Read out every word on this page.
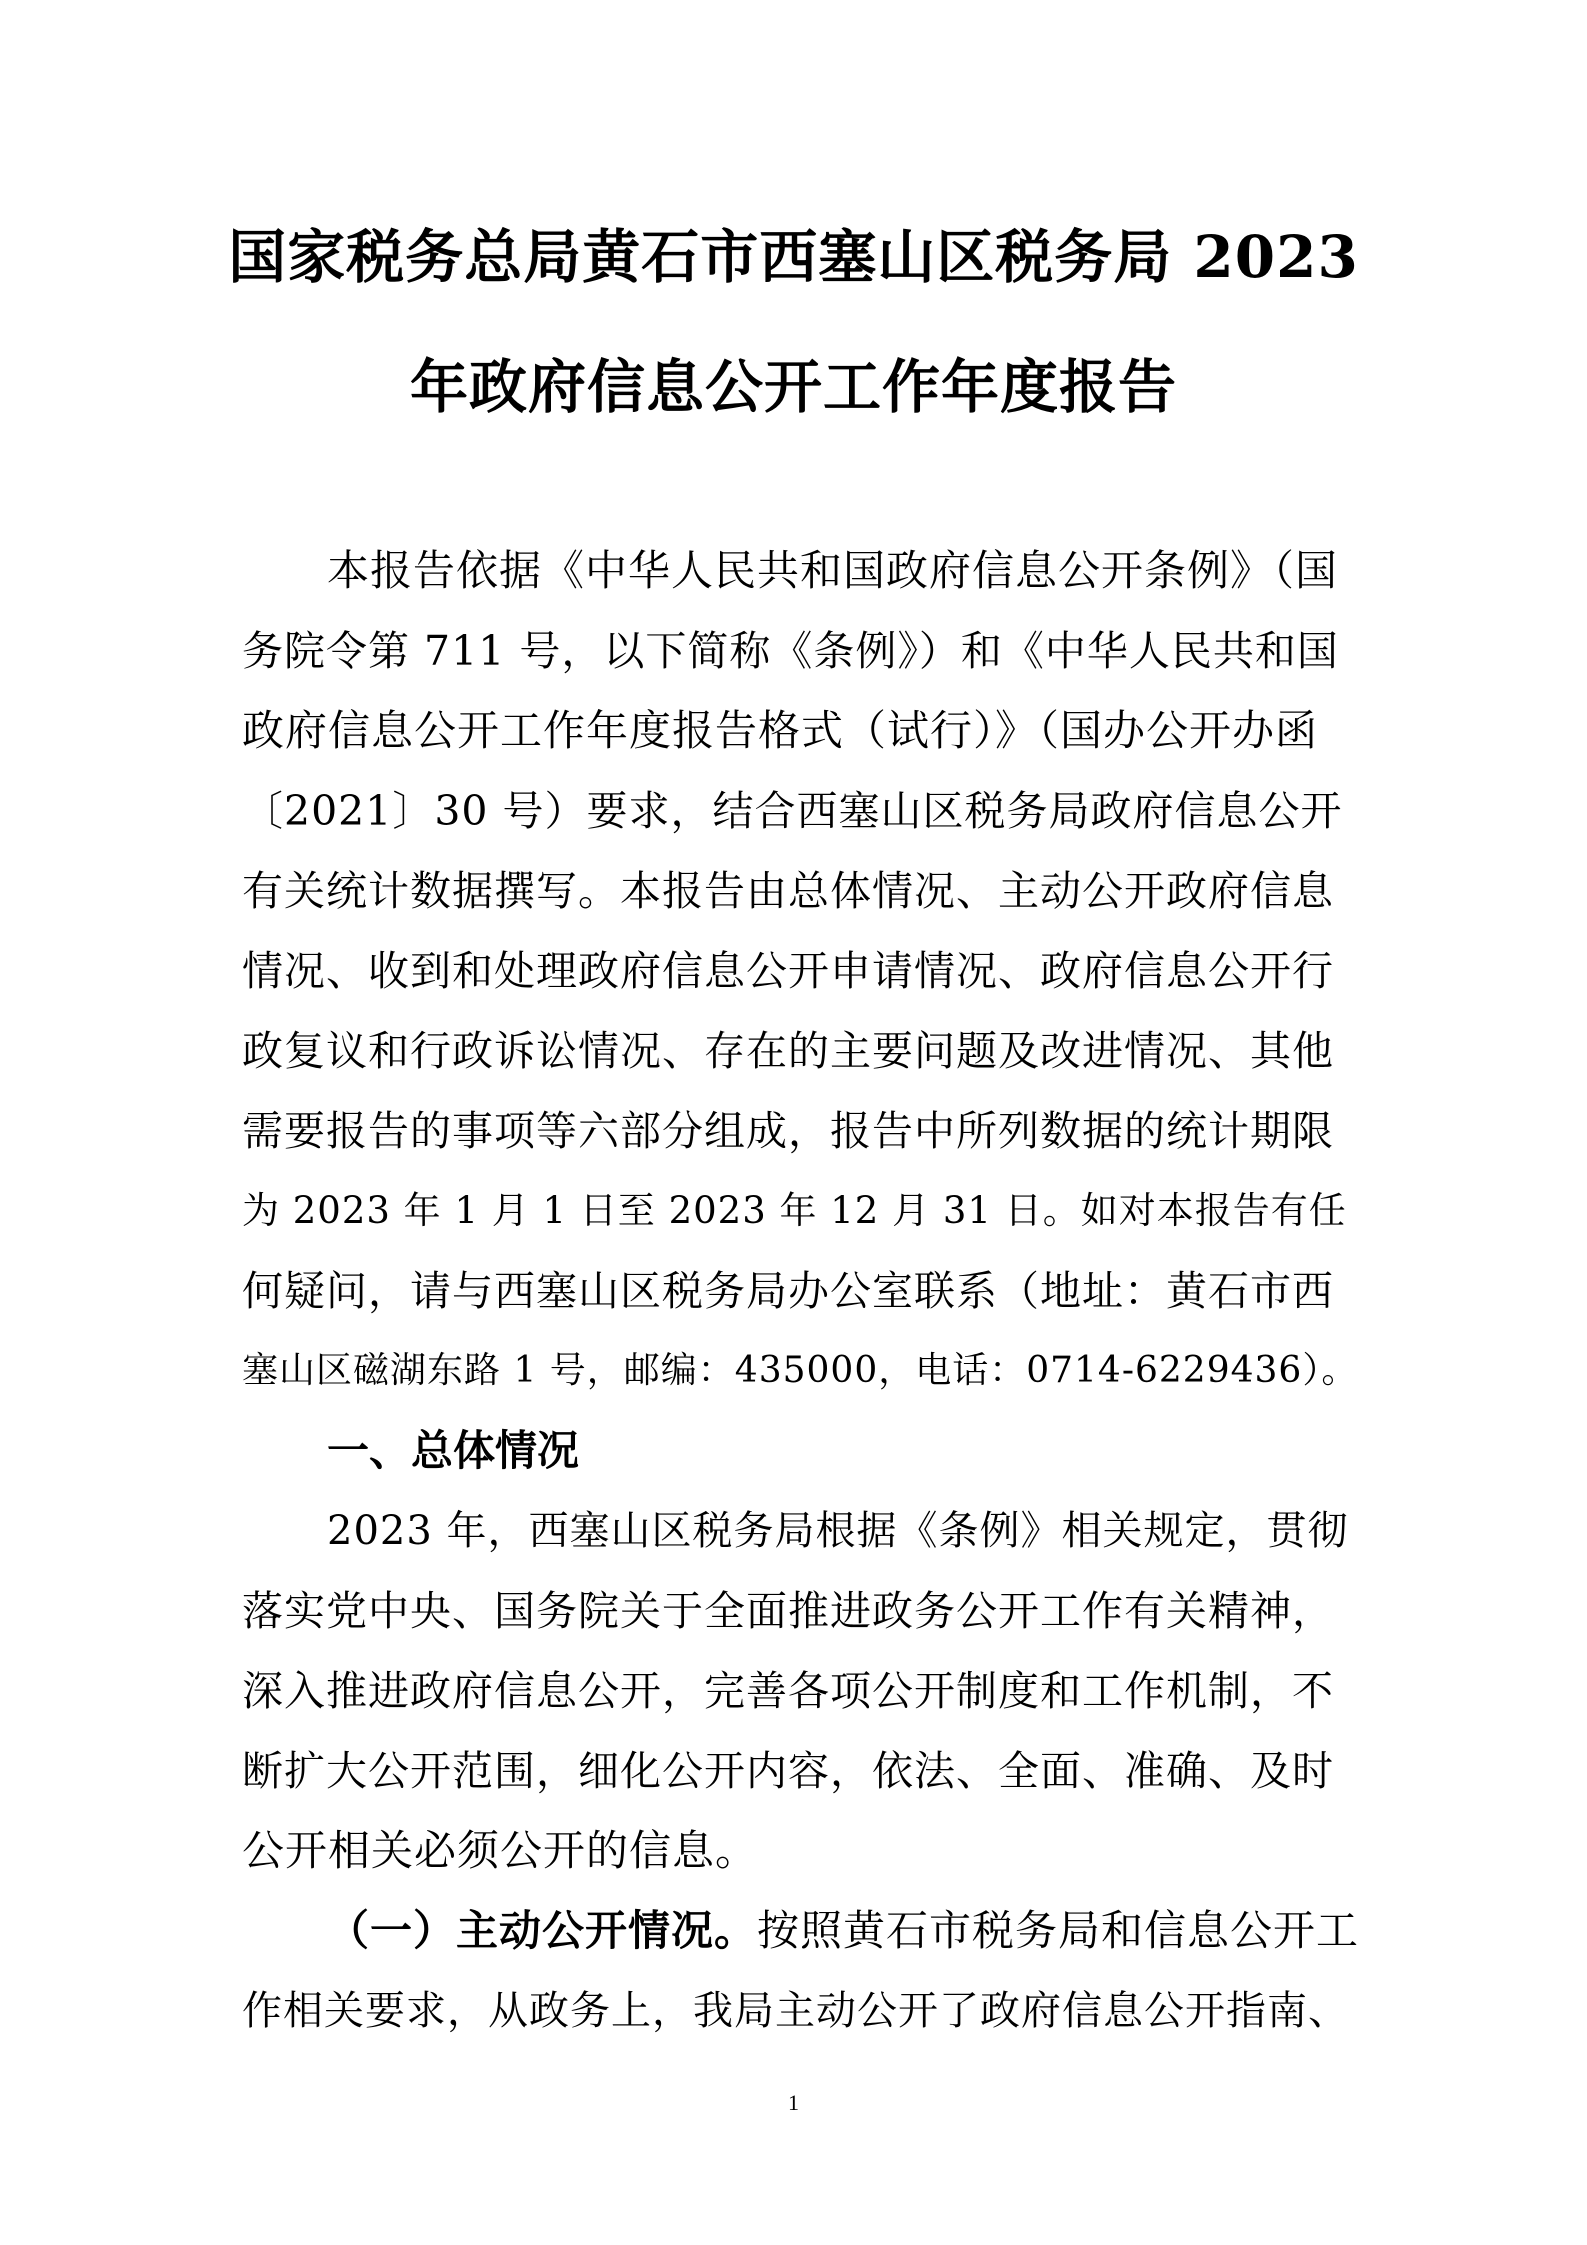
国家税务总局黄石市西塞山区税务局 2023
年政府信息公开工作年度报告
本报告依据《中华人民共和国政府信息公开条例》（国
务院令第 711 号，以下简称《条例》）和《中华人民共和国
政府信息公开工作年度报告格式（试行）》（国办公开办函
〔2021〕30 号）要求，结合西塞山区税务局政府信息公开
有关统计数据撰写。本报告由总体情况、主动公开政府信息
情况、收到和处理政府信息公开申请情况、政府信息公开行
政复议和行政诉讼情况、存在的主要问题及改进情况、其他
需要报告的事项等六部分组成，报告中所列数据的统计期限
为 2023 年 1 月 1 日至 2023 年 12 月 31 日。如对本报告有任
何疑问，请与西塞山区税务局办公室联系（地址：黄石市西
塞山区磁湖东路 1 号，邮编：435000，电话：0714-6229436）。
一、总体情况
2023 年，西塞山区税务局根据《条例》相关规定，贯彻
落实党中央、国务院关于全面推进政务公开工作有关精神，
深入推进政府信息公开，完善各项公开制度和工作机制，不
断扩大公开范围，细化公开内容，依法、全面、准确、及时
公开相关必须公开的信息。
（一）主动公开情况。按照黄石市税务局和信息公开工
作相关要求，从政务上，我局主动公开了政府信息公开指南、
1
